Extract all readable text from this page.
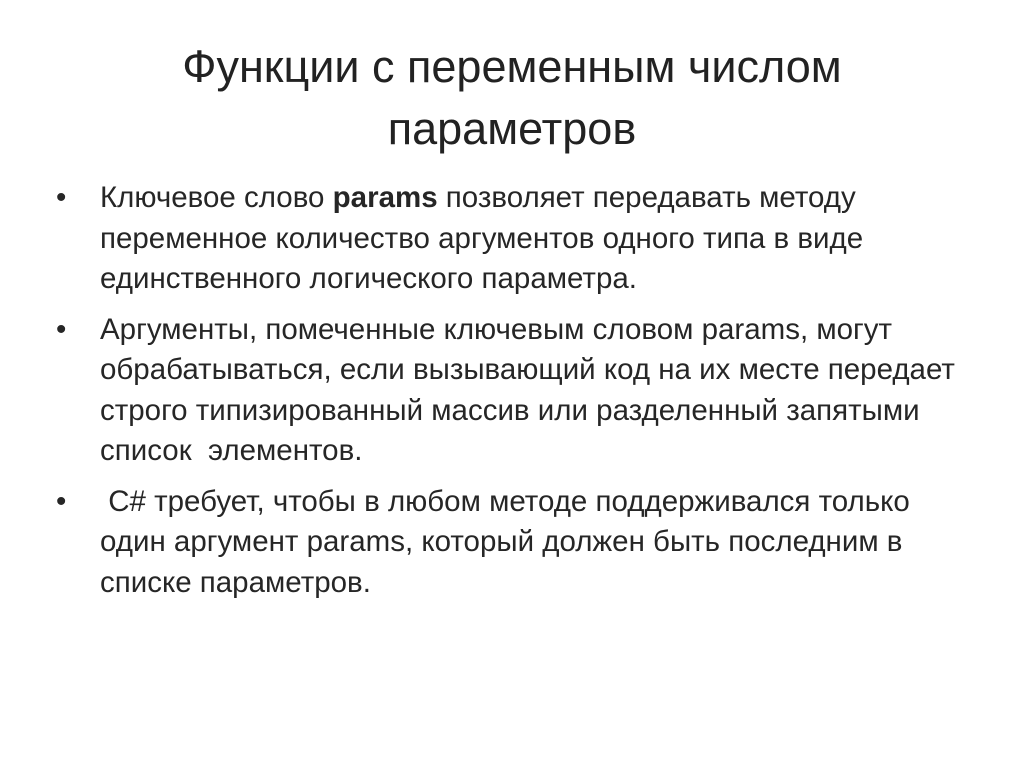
Функции с переменным числом
параметров
•	Ключевое слово params позволяет передавать методу переменное количество аргументов одного типа в виде единственного логического параметра.
•	Аргументы, помеченные ключевым словом params, могут обрабатываться, если вызывающий код на их месте передает строго типизированный массив или разделенный запятыми список  элементов.
•	C# требует, чтобы в любом методе поддерживался только один аргумент params, который должен быть последним в  списке параметров.
